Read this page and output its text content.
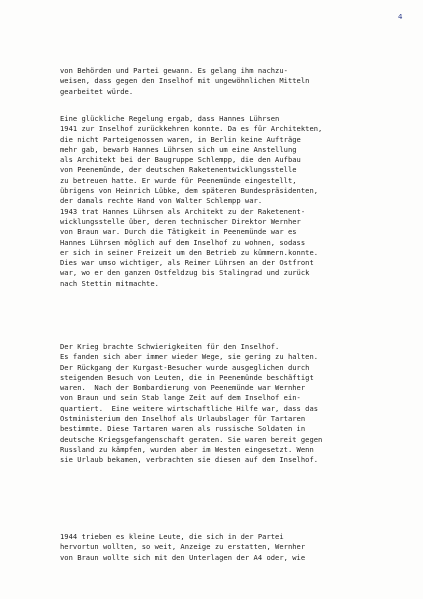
4

von Behörden und Partei gewann. Es gelang ihm nachzu-
weisen, dass gegen den Inselhof mit ungewöhnlichen Mitteln
gearbeitet würde.

Eine glückliche Regelung ergab, dass Hannes Lührsen
1941 zur Inselhof zurückkehren konnte. Da es für Architekten,
die nicht Parteigenossen waren, in Berlin keine Aufträge
mehr gab, bewarb Hannes Lührsen sich um eine Anstellung
als Architekt bei der Baugruppe Schlempp, die den Aufbau
von Peenemünde, der deutschen Raketenentwicklungsstelle
zu betreuen hatte. Er wurde für Peenemünde eingestellt,
übrigens von Heinrich Lübke, dem späteren Bundespräsidenten,
der damals rechte Hand von Walter Schlempp war.
1943 trat Hannes Lührsen als Architekt zu der Raketenent-
wicklungsstelle über, deren technischer Direktor Wernher
von Braun war. Durch die Tätigkeit in Peenemünde war es
Hannes Lührsen möglich auf dem Inselhof zu wohnen, sodass
er sich in seiner Freizeit um den Betrieb zu kümmern.konnte.
Dies war umso wichtiger, als Reimer Lührsen an der Ostfront
war, wo er den ganzen Ostfeldzug bis Stalingrad und zurück
nach Stettin mitmachte.

Der Krieg brachte Schwierigkeiten für den Inselhof.
Es fanden sich aber immer wieder Wege, sie gering zu halten.
Der Rückgang der Kurgast-Besucher wurde ausgeglichen durch
steigenden Besuch von Leuten, die in Peenemünde beschäftigt
waren.  Nach der Bombardierung von Peenemünde war Wernher
von Braun und sein Stab lange Zeit auf dem Inselhof ein-
quartiert.  Eine weitere wirtschaftliche Hilfe war, dass das
Ostministerium den Inselhof als Urlaubslager für Tartaren
bestimmte. Diese Tartaren waren als russische Soldaten in
deutsche Kriegsgefangenschaft geraten. Sie waren bereit gegen
Russland zu kämpfen, wurden aber im Westen eingesetzt. Wenn
sie Urlaub bekamen, verbrachten sie diesen auf dem Inselhof.

1944 trieben es kleine Leute, die sich in der Partei
hervortun wollten, so weit, Anzeige zu erstatten, Wernher
von Braun wollte sich mit den Unterlagen der A4 oder, wie
